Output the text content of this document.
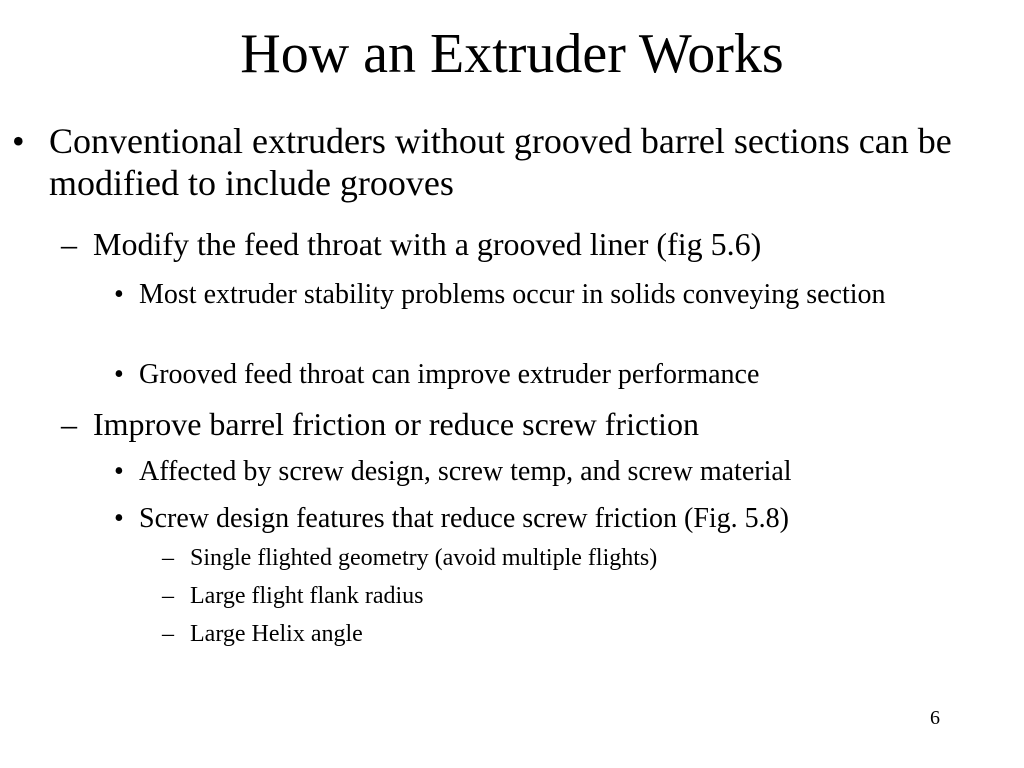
How an Extruder Works
• Conventional extruders without grooved barrel sections can be modified to include grooves

– Modify the feed throat with a grooved liner (fig 5.6)

• Most extruder stability problems occur in solids conveying section

• Grooved feed throat can improve extruder performance

– Improve barrel friction or reduce screw friction

• Affected by screw design, screw temp, and screw material

• Screw design features that reduce screw friction (Fig. 5.8)

– Single flighted geometry (avoid multiple flights)

– Large flight flank radius

– Large Helix angle

6
